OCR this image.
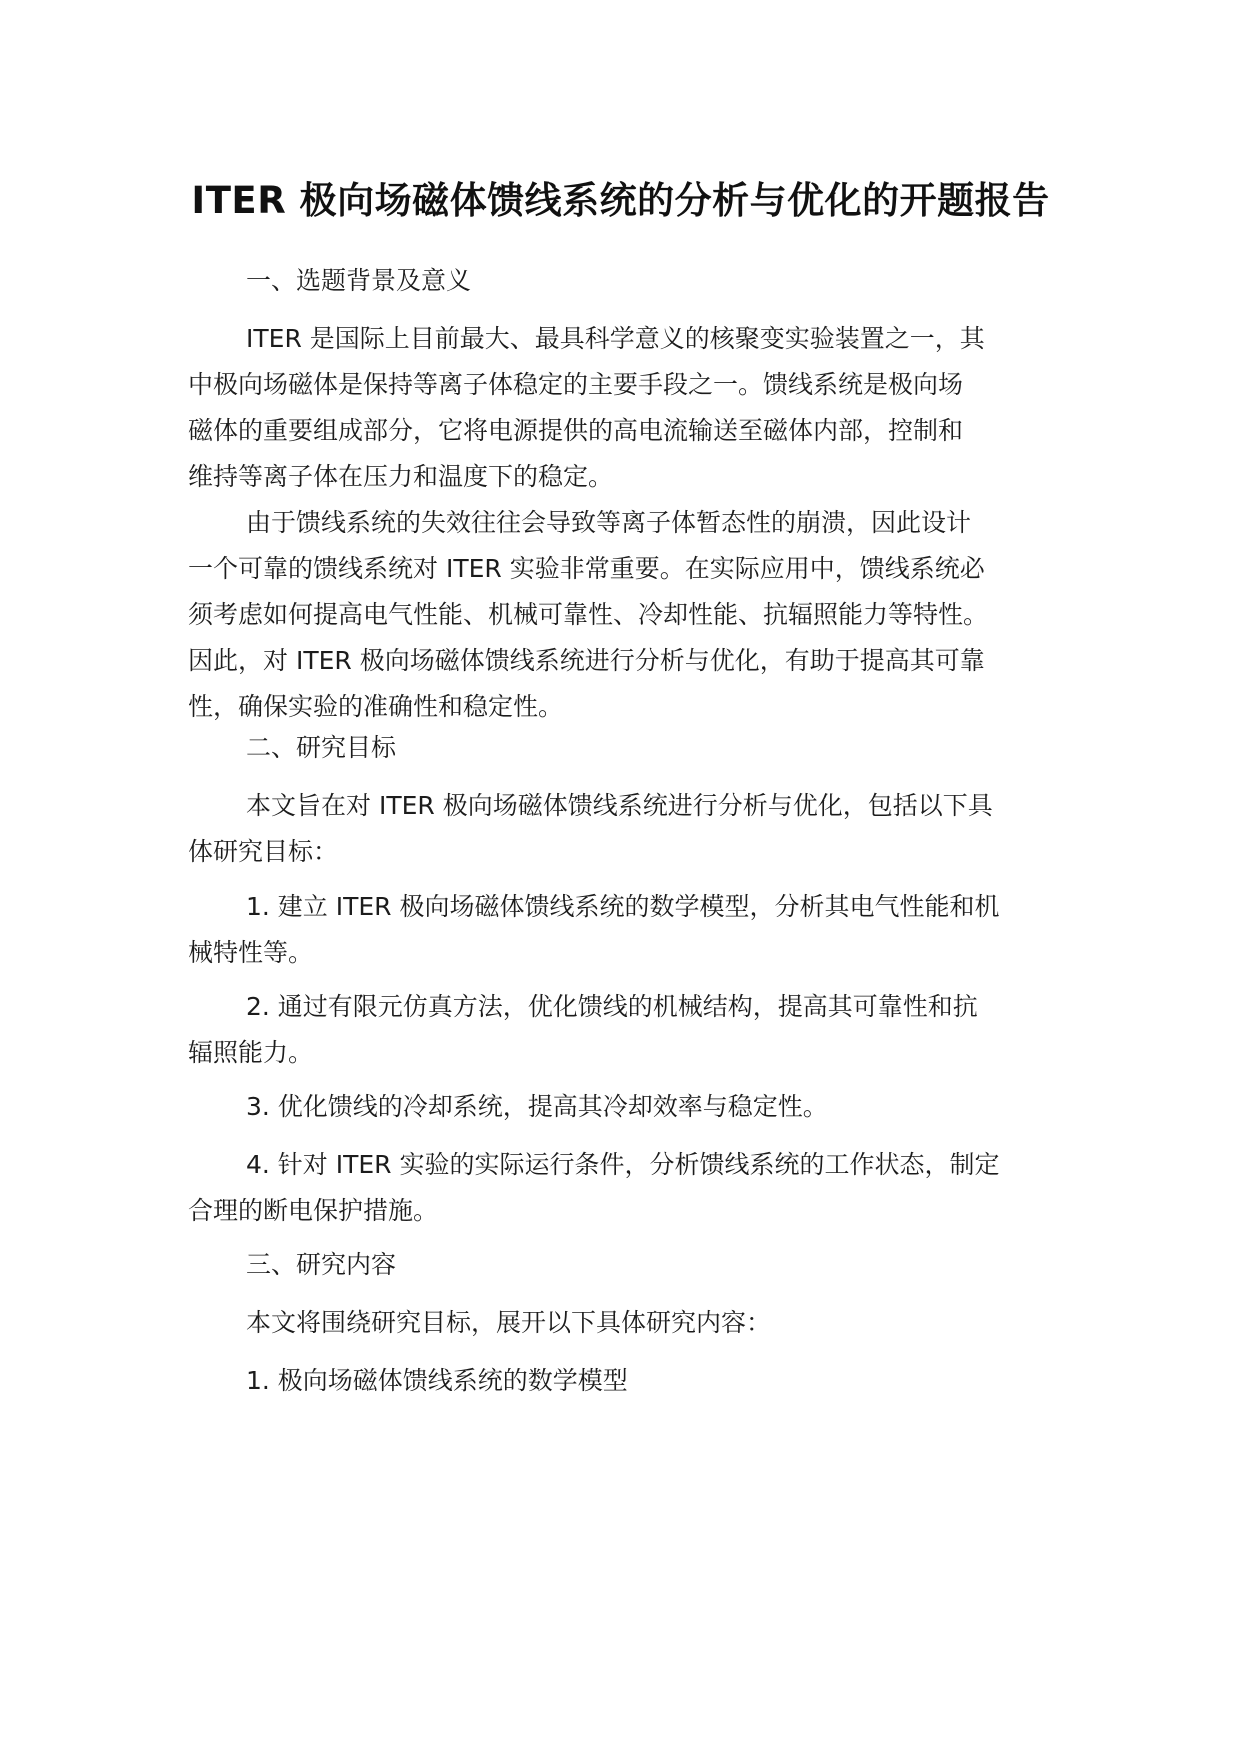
ITER 极向场磁体馈线系统的分析与优化的开题报告
一、选题背景及意义
ITER 是国际上目前最大、最具科学意义的核聚变实验装置之一，其
中极向场磁体是保持等离子体稳定的主要手段之一。馈线系统是极向场
磁体的重要组成部分，它将电源提供的高电流输送至磁体内部，控制和
维持等离子体在压力和温度下的稳定。
由于馈线系统的失效往往会导致等离子体暂态性的崩溃，因此设计
一个可靠的馈线系统对 ITER 实验非常重要。在实际应用中，馈线系统必
须考虑如何提高电气性能、机械可靠性、冷却性能、抗辐照能力等特性。
因此，对 ITER 极向场磁体馈线系统进行分析与优化，有助于提高其可靠
性，确保实验的准确性和稳定性。
二、研究目标
本文旨在对 ITER 极向场磁体馈线系统进行分析与优化，包括以下具
体研究目标：
1. 建立 ITER 极向场磁体馈线系统的数学模型，分析其电气性能和机
械特性等。
2. 通过有限元仿真方法，优化馈线的机械结构，提高其可靠性和抗
辐照能力。
3. 优化馈线的冷却系统，提高其冷却效率与稳定性。
4. 针对 ITER 实验的实际运行条件，分析馈线系统的工作状态，制定
合理的断电保护措施。
三、研究内容
本文将围绕研究目标，展开以下具体研究内容：
1. 极向场磁体馈线系统的数学模型
